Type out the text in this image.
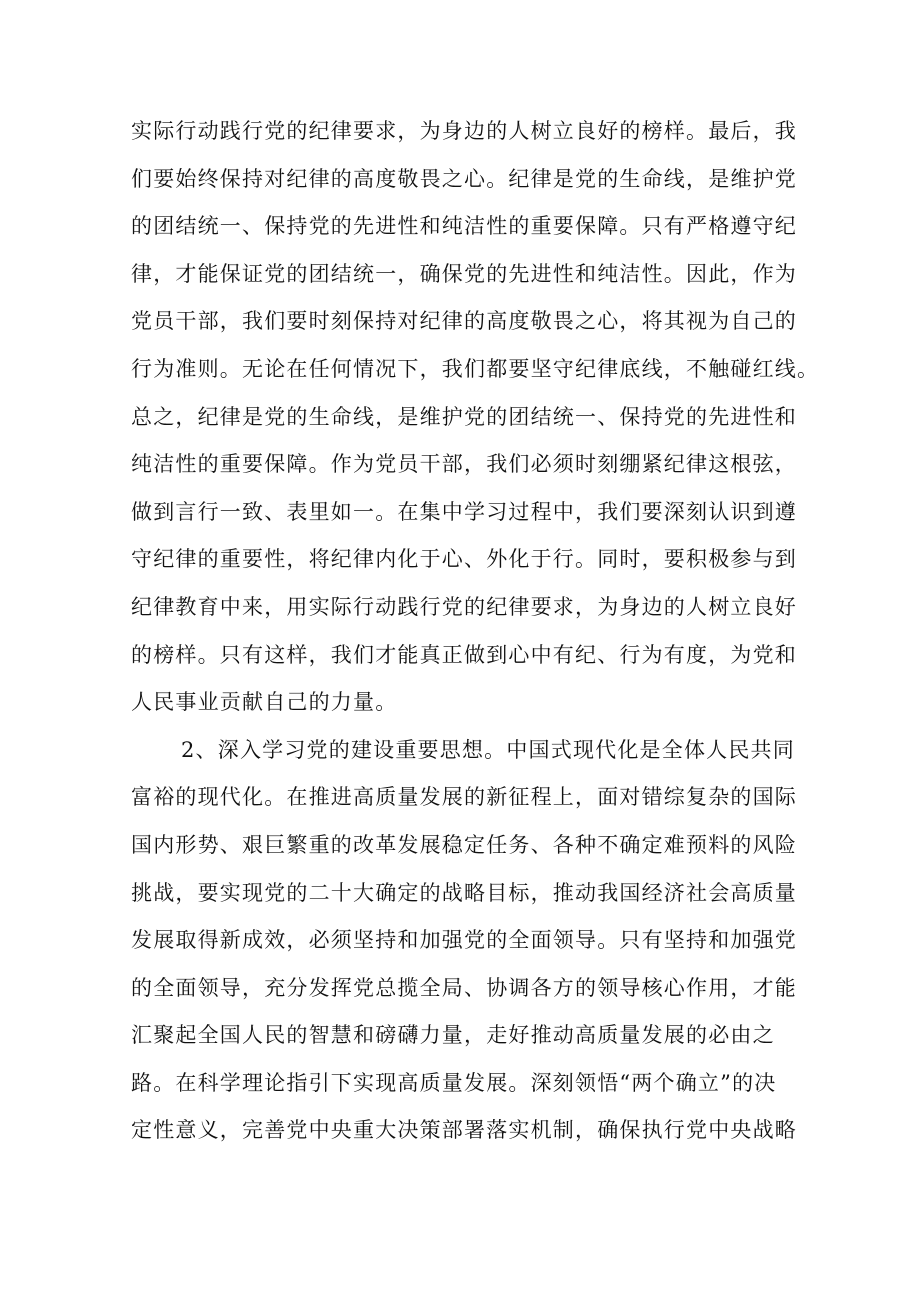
实际行动践行党的纪律要求，为身边的人树立良好的榜样。最后，我
们要始终保持对纪律的高度敬畏之心。纪律是党的生命线，是维护党
的团结统一、保持党的先进性和纯洁性的重要保障。只有严格遵守纪
律，才能保证党的团结统一，确保党的先进性和纯洁性。因此，作为
党员干部，我们要时刻保持对纪律的高度敬畏之心，将其视为自己的
行为准则。无论在任何情况下，我们都要坚守纪律底线，不触碰红线。
总之，纪律是党的生命线，是维护党的团结统一、保持党的先进性和
纯洁性的重要保障。作为党员干部，我们必须时刻绷紧纪律这根弦，
做到言行一致、表里如一。在集中学习过程中，我们要深刻认识到遵
守纪律的重要性，将纪律内化于心、外化于行。同时，要积极参与到
纪律教育中来，用实际行动践行党的纪律要求，为身边的人树立良好
的榜样。只有这样，我们才能真正做到心中有纪、行为有度，为党和
人民事业贡献自己的力量。
2、深入学习党的建设重要思想。中国式现代化是全体人民共同
富裕的现代化。在推进高质量发展的新征程上，面对错综复杂的国际
国内形势、艰巨繁重的改革发展稳定任务、各种不确定难预料的风险
挑战，要实现党的二十大确定的战略目标，推动我国经济社会高质量
发展取得新成效，必须坚持和加强党的全面领导。只有坚持和加强党
的全面领导，充分发挥党总揽全局、协调各方的领导核心作用，才能
汇聚起全国人民的智慧和磅礴力量，走好推动高质量发展的必由之
路。在科学理论指引下实现高质量发展。深刻领悟“两个确立”的决
定性意义，完善党中央重大决策部署落实机制，确保执行党中央战略
